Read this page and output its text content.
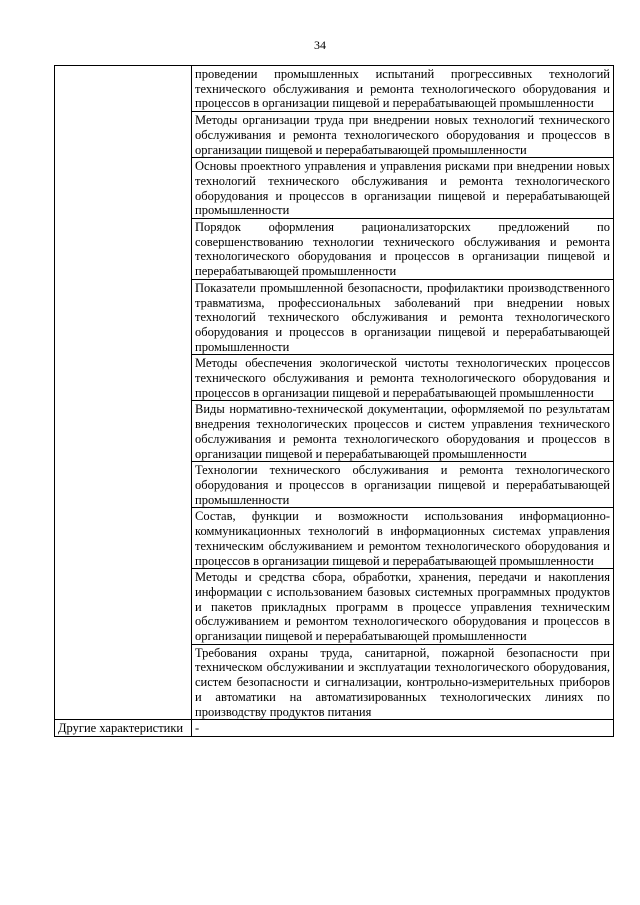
34
	проведении промышленных испытаний прогрессивных технологий технического обслуживания и ремонта технологического оборудования и процессов в организации пищевой и перерабатывающей промышленности
	Методы организации труда при внедрении новых технологий технического обслуживания и ремонта технологического оборудования и процессов в организации пищевой и перерабатывающей промышленности
	Основы проектного управления и управления рисками при внедрении новых технологий технического обслуживания и ремонта технологического оборудования и процессов в организации пищевой и перерабатывающей промышленности
	Порядок оформления рационализаторских предложений по совершенствованию технологии технического обслуживания и ремонта технологического оборудования и процессов в организации пищевой и перерабатывающей промышленности
	Показатели промышленной безопасности, профилактики производственного травматизма, профессиональных заболеваний при внедрении новых технологий технического обслуживания и ремонта технологического оборудования и процессов в организации пищевой и перерабатывающей промышленности
	Методы обеспечения экологической чистоты технологических процессов технического обслуживания и ремонта технологического оборудования и процессов в организации пищевой и перерабатывающей промышленности
	Виды нормативно-технической документации, оформляемой по результатам внедрения технологических процессов и систем управления технического обслуживания и ремонта технологического оборудования и процессов в организации пищевой и перерабатывающей промышленности
	Технологии технического обслуживания и ремонта технологического оборудования и процессов в организации пищевой и перерабатывающей промышленности
	Состав, функции и возможности использования информационно-коммуникационных технологий в информационных системах управления техническим обслуживанием и ремонтом технологического оборудования и процессов в организации пищевой и перерабатывающей промышленности
	Методы и средства сбора, обработки, хранения, передачи и накопления информации с использованием базовых системных программных продуктов и пакетов прикладных программ в процессе управления техническим обслуживанием и ремонтом технологического оборудования и процессов в организации пищевой и перерабатывающей промышленности
	Требования охраны труда, санитарной, пожарной безопасности при техническом обслуживании и эксплуатации технологического оборудования, систем безопасности и сигнализации, контрольно-измерительных приборов и автоматики на автоматизированных технологических линиях по производству продуктов питания
Другие характеристики	-
